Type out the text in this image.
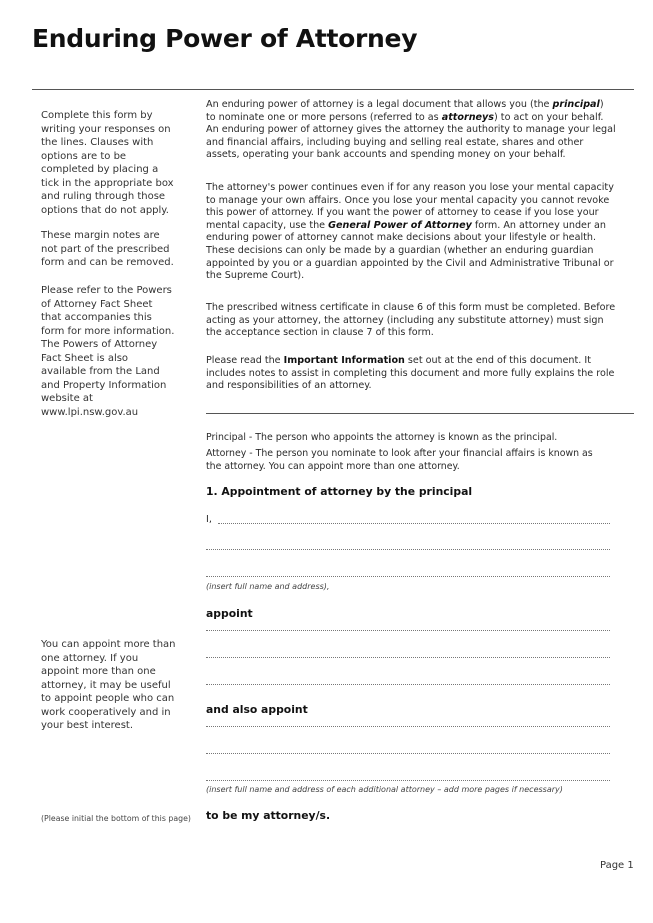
Enduring Power of Attorney
Complete this form by writing your responses on the lines. Clauses with options are to be completed by placing a tick in the appropriate box and ruling through those options that do not apply.
These margin notes are not part of the prescribed form and can be removed.
Please refer to the Powers of Attorney Fact Sheet that accompanies this form for more information. The Powers of Attorney Fact Sheet is also available from the Land and Property Information website at www.lpi.nsw.gov.au
You can appoint more than one attorney. If you appoint more than one attorney, it may be useful to appoint people who can work cooperatively and in your best interest.
(Please initial the bottom of this page)
An enduring power of attorney is a legal document that allows you (the principal) to nominate one or more persons (referred to as attorneys) to act on your behalf. An enduring power of attorney gives the attorney the authority to manage your legal and financial affairs, including buying and selling real estate, shares and other assets, operating your bank accounts and spending money on your behalf.
The attorney's power continues even if for any reason you lose your mental capacity to manage your own affairs. Once you lose your mental capacity you cannot revoke this power of attorney. If you want the power of attorney to cease if you lose your mental capacity, use the General Power of Attorney form. An attorney under an enduring power of attorney cannot make decisions about your lifestyle or health. These decisions can only be made by a guardian (whether an enduring guardian appointed by you or a guardian appointed by the Civil and Administrative Tribunal or the Supreme Court).
The prescribed witness certificate in clause 6 of this form must be completed. Before acting as your attorney, the attorney (including any substitute attorney) must sign the acceptance section in clause 7 of this form.
Please read the Important Information set out at the end of this document. It includes notes to assist in completing this document and more fully explains the role and responsibilities of an attorney.
Principal - The person who appoints the attorney is known as the principal.
Attorney - The person you nominate to look after your financial affairs is known as the attorney. You can appoint more than one attorney.
1. Appointment of attorney by the principal
I,
(insert full name and address),
appoint
and also appoint
(insert full name and address of each additional attorney – add more pages if necessary)
to be my attorney/s.
Page 1
